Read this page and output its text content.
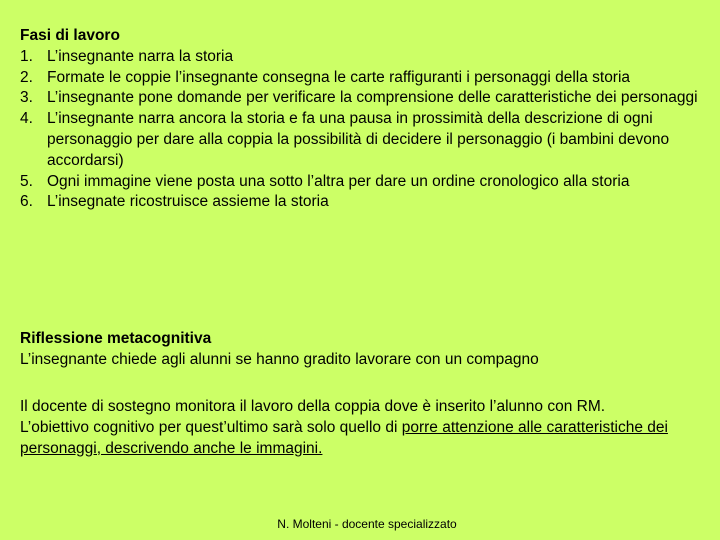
Fasi di lavoro
1. L’insegnante narra la storia
2. Formate le coppie l’insegnante consegna le carte raffiguranti i personaggi della storia
3. L’insegnante pone domande per verificare la comprensione delle caratteristiche dei personaggi
4. L’insegnante narra ancora la storia e fa una pausa in prossimità della descrizione di ogni personaggio per dare alla coppia la possibilità di decidere il personaggio (i bambini devono accordarsi)
5. Ogni immagine viene posta una sotto l’altra per dare un ordine cronologico alla storia
6. L’insegnate ricostruisce assieme la storia
Riflessione metacognitiva
L’insegnante chiede agli alunni se hanno gradito lavorare con un compagno
Il docente di sostegno monitora il lavoro della coppia dove è inserito l’alunno con RM.
L’obiettivo cognitivo per quest’ultimo sarà solo quello di porre attenzione alle caratteristiche dei personaggi, descrivendo anche le immagini.
N. Molteni - docente specializzato
